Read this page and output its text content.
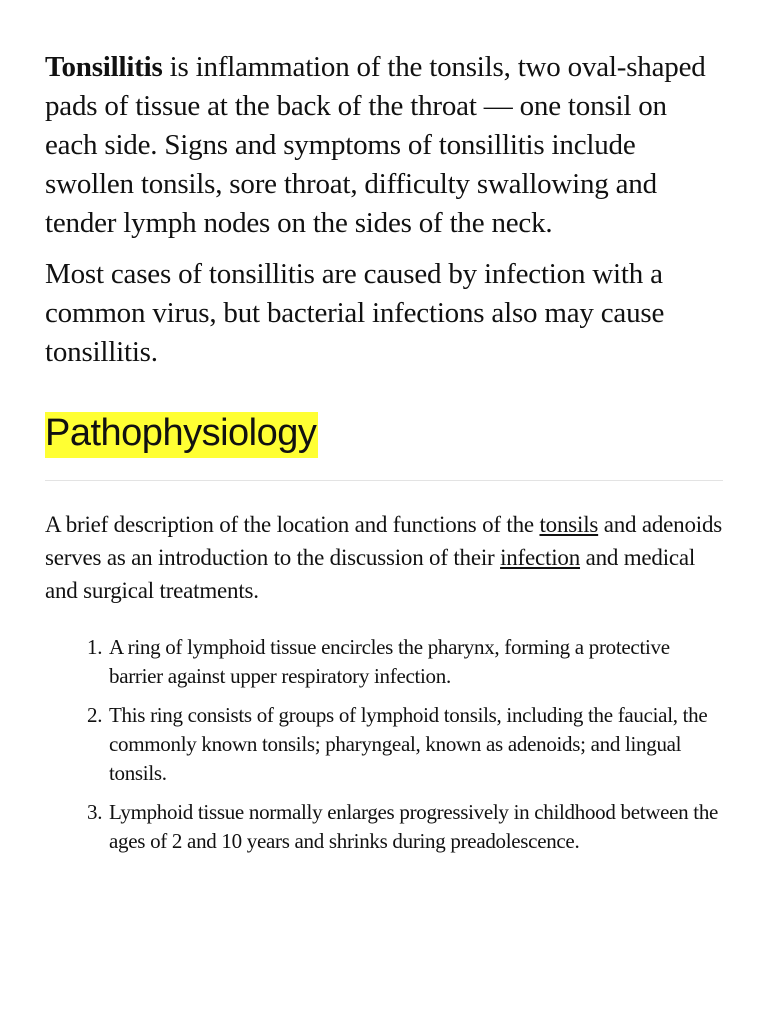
Tonsillitis is inflammation of the tonsils, two oval-shaped pads of tissue at the back of the throat — one tonsil on each side. Signs and symptoms of tonsillitis include swollen tonsils, sore throat, difficulty swallowing and tender lymph nodes on the sides of the neck.

Most cases of tonsillitis are caused by infection with a common virus, but bacterial infections also may cause tonsillitis.

Pathophysiology

A brief description of the location and functions of the tonsils and adenoids serves as an introduction to the discussion of their infection and medical and surgical treatments.

1. A ring of lymphoid tissue encircles the pharynx, forming a protective barrier against upper respiratory infection.
2. This ring consists of groups of lymphoid tonsils, including the faucial, the commonly known tonsils; pharyngeal, known as adenoids; and lingual tonsils.
3. Lymphoid tissue normally enlarges progressively in childhood between the ages of 2 and 10 years and shrinks during preadolescence.
